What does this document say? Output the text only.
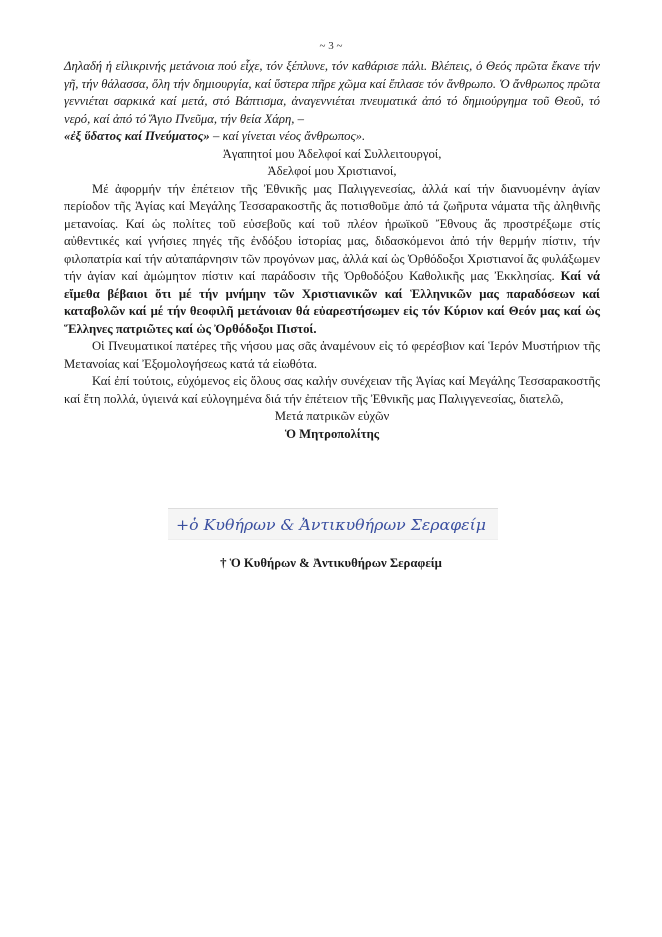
~ 3 ~

Δηλαδή ἡ εἰλικρινής μετάνοια πού εἶχε, τόν ξέπλυνε, τόν καθάρισε πάλι. Βλέπεις, ὁ Θεός πρῶτα ἔκανε τήν γῆ, τήν θάλασσα, ὅλη τήν δημιουργία, καί ὕστερα πῆρε χῶμα καί ἔπλασε τόν ἄνθρωπο. Ὁ ἄνθρωπος πρῶτα γεννιέται σαρκικά καί μετά, στό Βάπτισμα, ἀναγεννιέται πνευματικά ἀπό τό δημιούργημα τοῦ Θεοῦ, τό νερό, καί ἀπό τό Ἅγιο Πνεῦμα, τήν θεία Χάρη, –
«ἐξ ὕδατος καί Πνεύματος» – καί γίνεται νέος ἄνθρωπος».

Ἀγαπητοί μου Ἀδελφοί καί Συλλειτουργοί,

Ἀδελφοί μου Χριστιανοί,

Μέ ἀφορμήν τήν ἐπέτειον τῆς Ἐθνικῆς μας Παλιγγενεσίας, ἀλλά καί τήν διανυομένην ἁγίαν περίοδον τῆς Ἁγίας καί Μεγάλης Τεσσαρακοστῆς ἄς ποτισθοῦμε ἀπό τά ζωῆρυτα νάματα τῆς ἀληθινῆς μετανοίας. Καί ὡς πολίτες τοῦ εὐσεβοῦς καί τοῦ πλέον ἡρωϊκοῦ Ἔθνους ἄς προστρέξωμε στίς αὐθεντικές καί γνήσιες πηγές τῆς ἐνδόξου ἱστορίας μας, διδασκόμενοι ἀπό τήν θερμήν πίστιν, τήν φιλοπατρία καί τήν αὐταπάρνησιν τῶν προγόνων μας, ἀλλά καί ὡς Ὀρθόδοξοι Χριστιανοί ἄς φυλάξωμεν τήν ἁγίαν καί ἀμώμητον πίστιν καί παράδοσιν τῆς Ὀρθοδόξου Καθολικῆς μας Ἐκκλησίας. Καί νά εἴμεθα βέβαιοι ὅτι μέ τήν μνήμην τῶν Χριστιανικῶν καί Ἑλληνικῶν μας παραδόσεων καί καταβολῶν καί μέ τήν θεοφιλῆ μετάνοιαν θά εὐαρεστήσωμεν εἰς τόν Κύριον καί Θεόν μας καί ὡς Ἕλληνες πατριῶτες καί ὡς Ὀρθόδοξοι Πιστοί.

Οἱ Πνευματικοί πατέρες τῆς νήσου μας σᾶς ἀναμένουν εἰς τό φερέσβιον καί Ἱερόν Μυστήριον τῆς Μετανοίας καί Ἐξομολογήσεως κατά τά εἰωθότα.

Καί ἐπί τούτοις, εὐχόμενος εἰς ὅλους σας καλήν συνέχειαν τῆς Ἁγίας καί Μεγάλης Τεσσαρακοστῆς καί ἔτη πολλά, ὑγιεινά καί εὐλογημένα διά τήν ἐπέτειον τῆς Ἐθνικῆς μας Παλιγγενεσίας, διατελῶ,

Μετά πατρικῶν εὐχῶν

Ὁ Μητροπολίτης

+ὁ Κυθήρων & Ἀντικυθήρων Σεραφείμ
† Ὁ Κυθήρων & Ἀντικυθήρων Σεραφείμ
